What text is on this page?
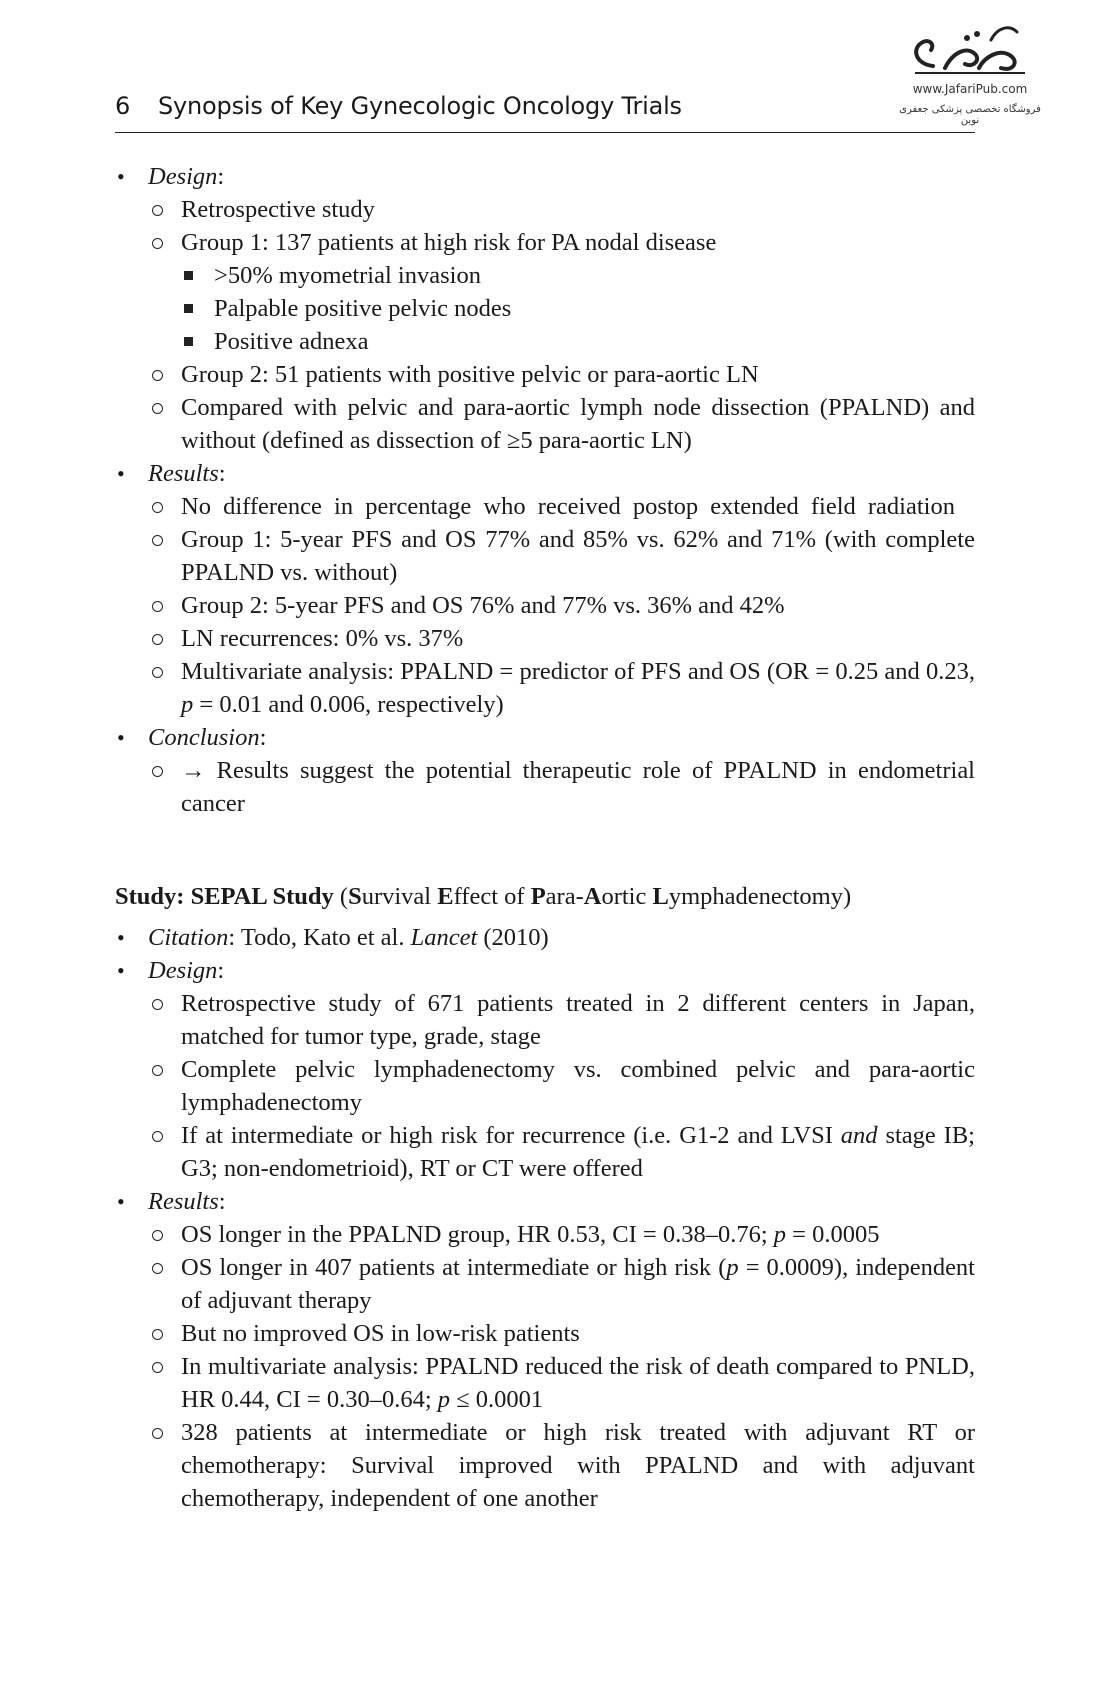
6 Synopsis of Key Gynecologic Oncology Trials
www.JafariPub.com
فروشگاه تخصصی پزشکی جعفری نوین
• Design:
Retrospective study
Group 1: 137 patients at high risk for PA nodal disease
>50% myometrial invasion
Palpable positive pelvic nodes
Positive adnexa
Group 2: 51 patients with positive pelvic or para-aortic LN
Compared with pelvic and para-aortic lymph node dissection (PPALND) and without (defined as dissection of ≥5 para-aortic LN)
• Results:
No difference in percentage who received postop extended field radiation
Group 1: 5-year PFS and OS 77% and 85% vs. 62% and 71% (with complete PPALND vs. without)
Group 2: 5-year PFS and OS 76% and 77% vs. 36% and 42%
LN recurrences: 0% vs. 37%
Multivariate analysis: PPALND = predictor of PFS and OS (OR = 0.25 and 0.23, p = 0.01 and 0.006, respectively)
• Conclusion:
→ Results suggest the potential therapeutic role of PPALND in endometrial cancer
Study: SEPAL Study (Survival Effect of Para-Aortic Lymphadenectomy)
• Citation: Todo, Kato et al. Lancet (2010)
• Design:
Retrospective study of 671 patients treated in 2 different centers in Japan, matched for tumor type, grade, stage
Complete pelvic lymphadenectomy vs. combined pelvic and para-aortic lymphadenectomy
If at intermediate or high risk for recurrence (i.e. G1-2 and LVSI and stage IB; G3; non-endometrioid), RT or CT were offered
• Results:
OS longer in the PPALND group, HR 0.53, CI = 0.38–0.76; p = 0.0005
OS longer in 407 patients at intermediate or high risk (p = 0.0009), independent of adjuvant therapy
But no improved OS in low-risk patients
In multivariate analysis: PPALND reduced the risk of death compared to PNLD, HR 0.44, CI = 0.30–0.64; p ≤ 0.0001
328 patients at intermediate or high risk treated with adjuvant RT or chemotherapy: Survival improved with PPALND and with adjuvant chemotherapy, independent of one another
